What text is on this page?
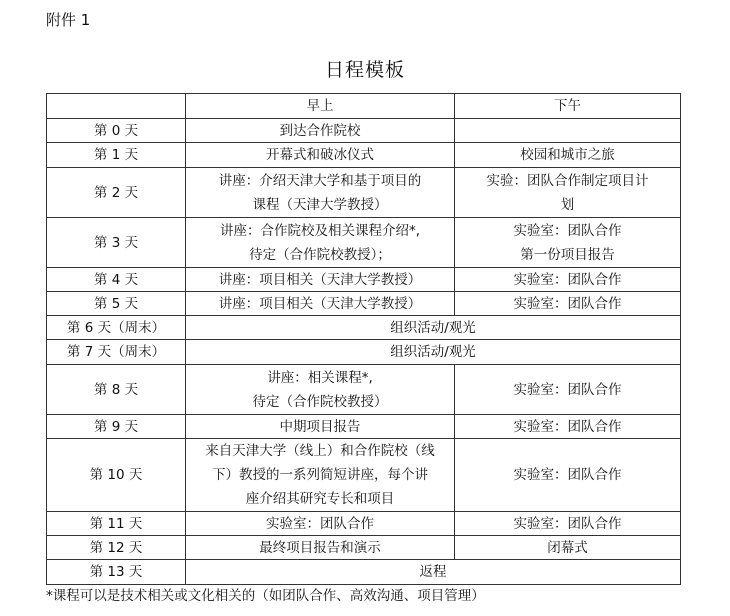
附件 1
日程模板
	早上	下午
第 0 天	到达合作院校	

第 1 天	开幕式和破冰仪式	校园和城市之旅

第 2 天	讲座：介绍天津大学和基于项目的
课程（天津大学教授）	实验：团队合作制定项目计
划

第 3 天	讲座：合作院校及相关课程介绍*,
待定（合作院校教授）；	实验室：团队合作
第一份项目报告

第 4 天	讲座：项目相关（天津大学教授）	实验室：团队合作

第 5 天	讲座：项目相关（天津大学教授）	实验室：团队合作

第 6 天（周末）	组织活动/观光	
第 7 天（周末）	组织活动/观光	
第 8 天	讲座：相关课程*,
待定（合作院校教授）	实验室：团队合作

第 9 天	中期项目报告	实验室：团队合作

第 10 天	来自天津大学（线上）和合作院校（线
下）教授的一系列简短讲座，每个讲
座介绍其研究专长和项目	实验室：团队合作

第 11 天	实验室：团队合作	实验室：团队合作

第 12 天	最终项目报告和演示	闭幕式

第 13 天	返程	
*课程可以是技术相关或文化相关的（如团队合作、高效沟通、项目管理）
